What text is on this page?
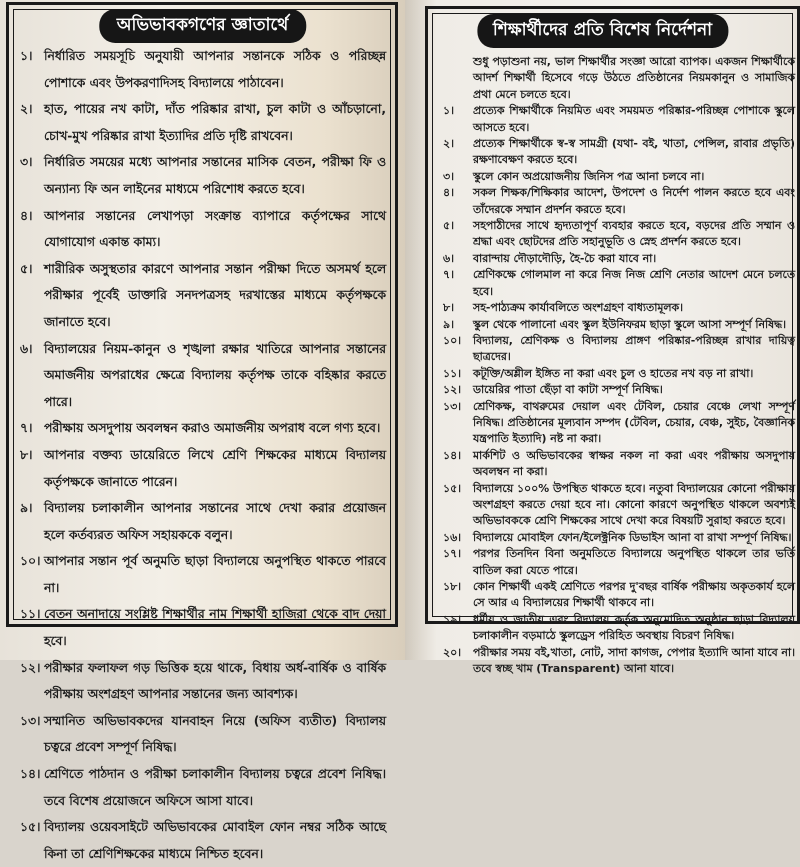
অভিভাবকগণের জ্ঞাতার্থে
১। নির্ধারিত সময়সূচি অনুযায়ী আপনার সন্তানকে সঠিক ও পরিচ্ছন্ন পোশাকে এবং উপকরণাদিসহ বিদ্যালয়ে পাঠাবেন।
২। হাত, পায়ের নখ কাটা, দাঁত পরিষ্কার রাখা, চুল কাটা ও আঁচড়ানো, চোখ-মুখ পরিষ্কার রাখা ইত্যাদির প্রতি দৃষ্টি রাখবেন।
৩। নির্ধারিত সময়ের মধ্যে আপনার সন্তানের মাসিক বেতন, পরীক্ষা ফি ও অন্যান্য ফি অন লাইনের মাধ্যমে পরিশোধ করতে হবে।
৪। আপনার সন্তানের লেখাপড়া সংক্রান্ত ব্যাপারে কর্তৃপক্ষের সাথে যোগাযোগ একান্ত কাম্য।
৫। শারীরিক অসুস্থতার কারণে আপনার সন্তান পরীক্ষা দিতে অসমর্থ হলে পরীক্ষার পূর্বেই ডাক্তারি সনদপত্রসহ দরখাস্তের মাধ্যমে কর্তৃপক্ষকে জানাতে হবে।
৬। বিদ্যালয়ের নিয়ম-কানুন ও শৃঙ্খলা রক্ষার খাতিরে আপনার সন্তানের অমার্জনীয় অপরাধের ক্ষেত্রে বিদ্যালয় কর্তৃপক্ষ তাকে বহিষ্কার করতে পারে।
৭। পরীক্ষায় অসদুপায় অবলম্বন করাও অমার্জনীয় অপরাধ বলে গণ্য হবে।
৮। আপনার বক্তব্য ডায়েরিতে লিখে শ্রেণি শিক্ষকের মাধ্যমে বিদ্যালয় কর্তৃপক্ষকে জানাতে পারেন।
৯। বিদ্যালয় চলাকালীন আপনার সন্তানের সাথে দেখা করার প্রয়োজন হলে কর্তব্যরত অফিস সহায়ককে বলুন।
১০। আপনার সন্তান পূর্ব অনুমতি ছাড়া বিদ্যালয়ে অনুপস্থিত থাকতে পারবে না।
১১। বেতন অনাদায়ে সংশ্লিষ্ট শিক্ষার্থীর নাম শিক্ষার্থী হাজিরা থেকে বাদ দেয়া হবে।
১২। পরীক্ষার ফলাফল গড় ভিত্তিক হয়ে থাকে, বিধায় অর্ধ-বার্ষিক ও বার্ষিক পরীক্ষায় অংশগ্রহণ আপনার সন্তানের জন্য আবশ্যক।
১৩। সম্মানিত অভিভাবকদের যানবাহন নিয়ে (অফিস ব্যতীত) বিদ্যালয় চত্বরে প্রবেশ সম্পূর্ণ নিষিদ্ধ।
১৪। শ্রেণিতে পাঠদান ও পরীক্ষা চলাকালীন বিদ্যালয় চত্বরে প্রবেশ নিষিদ্ধ। তবে বিশেষ প্রয়োজনে অফিসে আসা যাবে।
১৫। বিদ্যালয় ওয়েবসাইটে অভিভাবকের মোবাইল ফোন নম্বর সঠিক আছে কিনা তা শ্রেণিশিক্ষকের মাধ্যমে নিশ্চিত হবেন।
শিক্ষার্থীদের প্রতি বিশেষ নির্দেশনা
শুধু পড়াশুনা নয়, ভাল শিক্ষার্থীর সংজ্ঞা আরো ব্যাপক। একজন শিক্ষার্থীকে আদর্শ শিক্ষার্থী হিসেবে গড়ে উঠতে প্রতিষ্ঠানের নিয়মকানুন ও সামাজিক প্রথা মেনে চলতে হবে।
১।	প্রত্যেক শিক্ষার্থীকে নিয়মিত এবং সময়মত পরিষ্কার-পরিচ্ছন্ন পোশাকে স্কুলে আসতে হবে।
২।	প্রত্যেক শিক্ষার্থীকে স্ব-স্ব সামগ্রী (যথা- বই, খাতা, পেন্সিল, রাবার প্রভৃতি) রক্ষণাবেক্ষণ করতে হবে।
৩।	স্কুলে কোন অপ্রয়োজনীয় জিনিস পত্র আনা চলবে না।
৪।	সকল শিক্ষক/শিক্ষিকার আদেশ, উপদেশ ও নির্দেশ পালন করতে হবে এবং তাঁদেরকে সম্মান প্রদর্শন করতে হবে।
৫।	সহপাঠীদের সাথে হৃদ্যতাপূর্ণ ব্যবহার করতে হবে, বড়দের প্রতি সম্মান ও শ্রদ্ধা এবং ছোটদের প্রতি সহানুভূতি ও স্নেহ প্রদর্শন করতে হবে।
৬।	বারান্দায় দৌড়াদৌড়ি, হৈ-চৈ করা যাবে না।
৭।	শ্রেণিকক্ষে গোলমাল না করে নিজ নিজ শ্রেণি নেতার আদেশ মেনে চলতে হবে।
৮।	সহ-পাঠ্যক্রম কার্যাবলিতে অংশগ্রহণ বাধ্যতামূলক।
৯।	স্কুল থেকে পালানো এবং স্কুল ইউনিফরম ছাড়া স্কুলে আসা সম্পূর্ণ নিষিদ্ধ।
১০।	বিদ্যালয়, শ্রেণিকক্ষ ও বিদ্যালয় প্রাঙ্গণ পরিষ্কার-পরিচ্ছন্ন রাখার দায়িত্ব ছাত্রদের।
১১।	কটূক্তি/অশ্লীল ইঙ্গিত না করা এবং চুল ও হাতের নখ বড় না রাখা।
১২।	ডায়েরির পাতা ছেঁড়া বা কাটা সম্পূর্ণ নিষিদ্ধ।
১৩।	শ্রেণিকক্ষ, বাথরুমের দেয়াল এবং টেবিল, চেয়ার বেঞ্চে লেখা সম্পূর্ণ নিষিদ্ধ। প্রতিষ্ঠানের মূল্যবান সম্পদ (টেবিল, চেয়ার, বেঞ্চ, সুইচ, বৈজ্ঞানিক যন্ত্রপাতি ইত্যাদি) নষ্ট না করা।
১৪।	মার্কশিট ও অভিভাবকের স্বাক্ষর নকল না করা এবং পরীক্ষায় অসদুপায় অবলম্বন না করা।
১৫।	বিদ্যালয়ে ১০০% উপস্থিত থাকতে হবে। নতুবা বিদ্যালয়ের কোনো পরীক্ষায় অংশগ্রহণ করতে দেয়া হবে না। কোনো কারণে অনুপস্থিত থাকলে অবশ্যই অভিভাবককে শ্রেণি শিক্ষকের সাথে দেখা করে বিষয়টি সুরাহা করতে হবে।
১৬।	বিদ্যালয়ে মোবাইল ফোন/ইলেক্ট্রনিক ডিভাইস আনা বা রাখা সম্পূর্ণ নিষিদ্ধ।
১৭।	পরপর তিনদিন বিনা অনুমতিতে বিদ্যালয়ে অনুপস্থিত থাকলে তার ভর্তি বাতিল করা যেতে পারে।
১৮।	কোন শিক্ষার্থী একই শ্রেণিতে পরপর দু'বছর বার্ষিক পরীক্ষায় অকৃতকার্য হলে সে আর এ বিদ্যালয়ের শিক্ষার্থী থাকবে না।
১৯।	ধর্মীয় ও জাতীয় এবং বিদ্যালয় কর্তৃক অনুমোদিত অনুষ্ঠান ছাড়া বিদ্যালয় চলাকালীন বড়মাঠে স্কুলড্রেস পরিহিত অবস্থায় বিচরণ নিষিদ্ধ।
২০।	পরীক্ষার সময় বই,খাতা, নোট, সাদা কাগজ, পেপার ইত্যাদি আনা যাবে না। তবে স্বচ্ছ খাম (Transparent) আনা যাবে।
